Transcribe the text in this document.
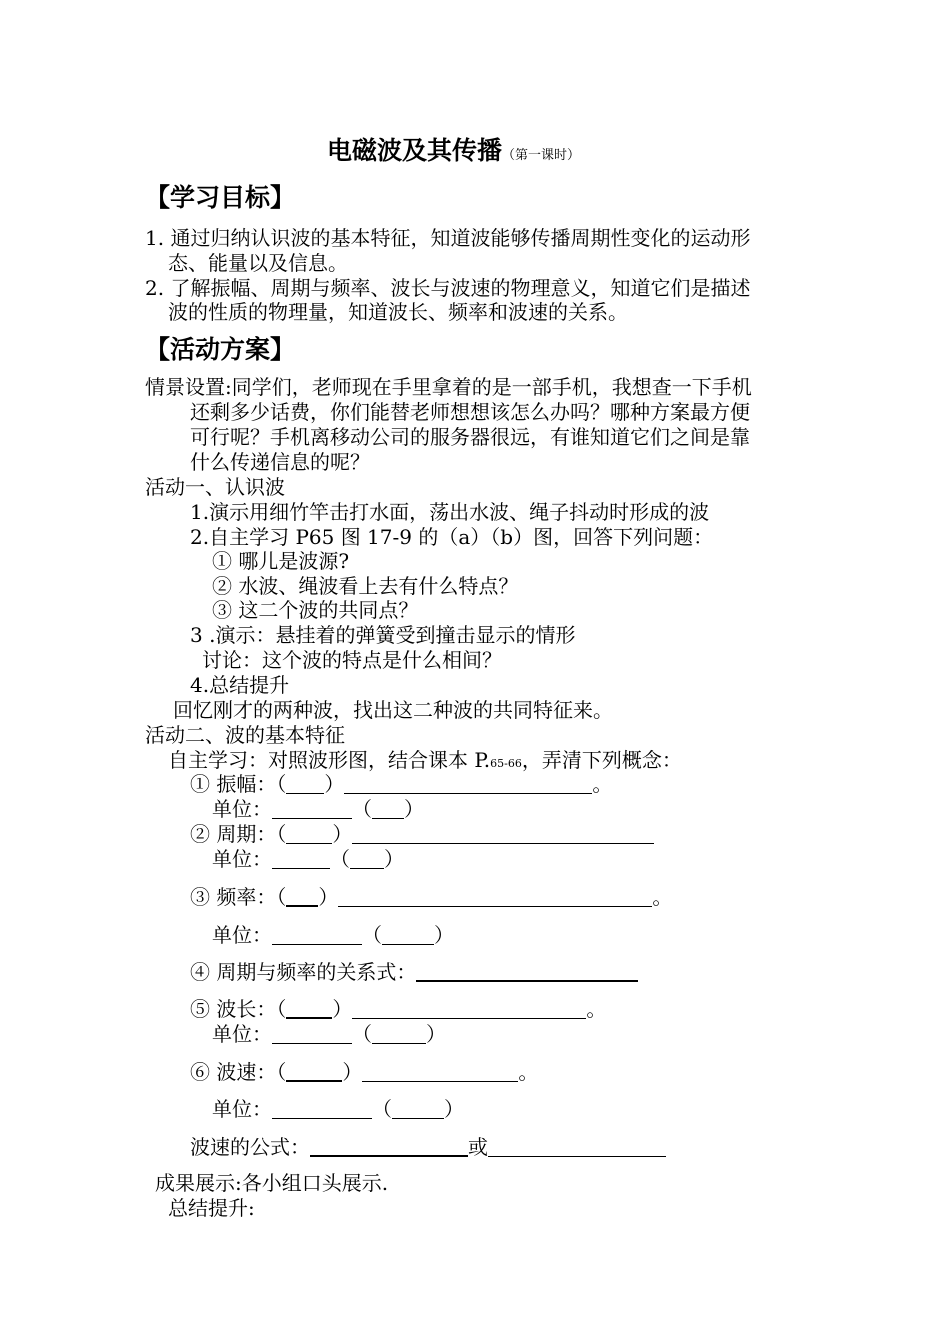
电磁波及其传播（第一课时）
【学习目标】
1. 通过归纳认识波的基本特征，知道波能够传播周期性变化的运动形
态、能量以及信息。
2. 了解振幅、周期与频率、波长与波速的物理意义，知道它们是描述
波的性质的物理量，知道波长、频率和波速的关系。
【活动方案】
情景设置:同学们，老师现在手里拿着的是一部手机，我想查一下手机
还剩多少话费，你们能替老师想想该怎么办吗？哪种方案最方便
可行呢？手机离移动公司的服务器很远，有谁知道它们之间是靠
什么传递信息的呢？
活动一、认识波
1.演示用细竹竿击打水面，荡出水波、绳子抖动时形成的波
2.自主学习 P65 图 17-9 的（a）（b）图，回答下列问题：
① 哪儿是波源?
② 水波、绳波看上去有什么特点？
③ 这二个波的共同点？
3 .演示：悬挂着的弹簧受到撞击显示的情形
讨论：这个波的特点是什么相间？
4.总结提升
回忆刚才的两种波，找出这二种波的共同特征来。
活动二、波的基本特征
自主学习：对照波形图，结合课本 P.65-66，弄清下列概念：
① 振幅：（ ）	。
单位：	（ ）
② 周期：（ ）
单位：	（ ）
③ 频率：（ ）	。
单位：	（	）
④ 周期与频率的关系式：
⑤ 波长：（ ）	。
单位：	（	）
⑥ 波速：（	）	。
单位：	（	）
波速的公式：	或
成果展示:各小组口头展示.
总结提升:
